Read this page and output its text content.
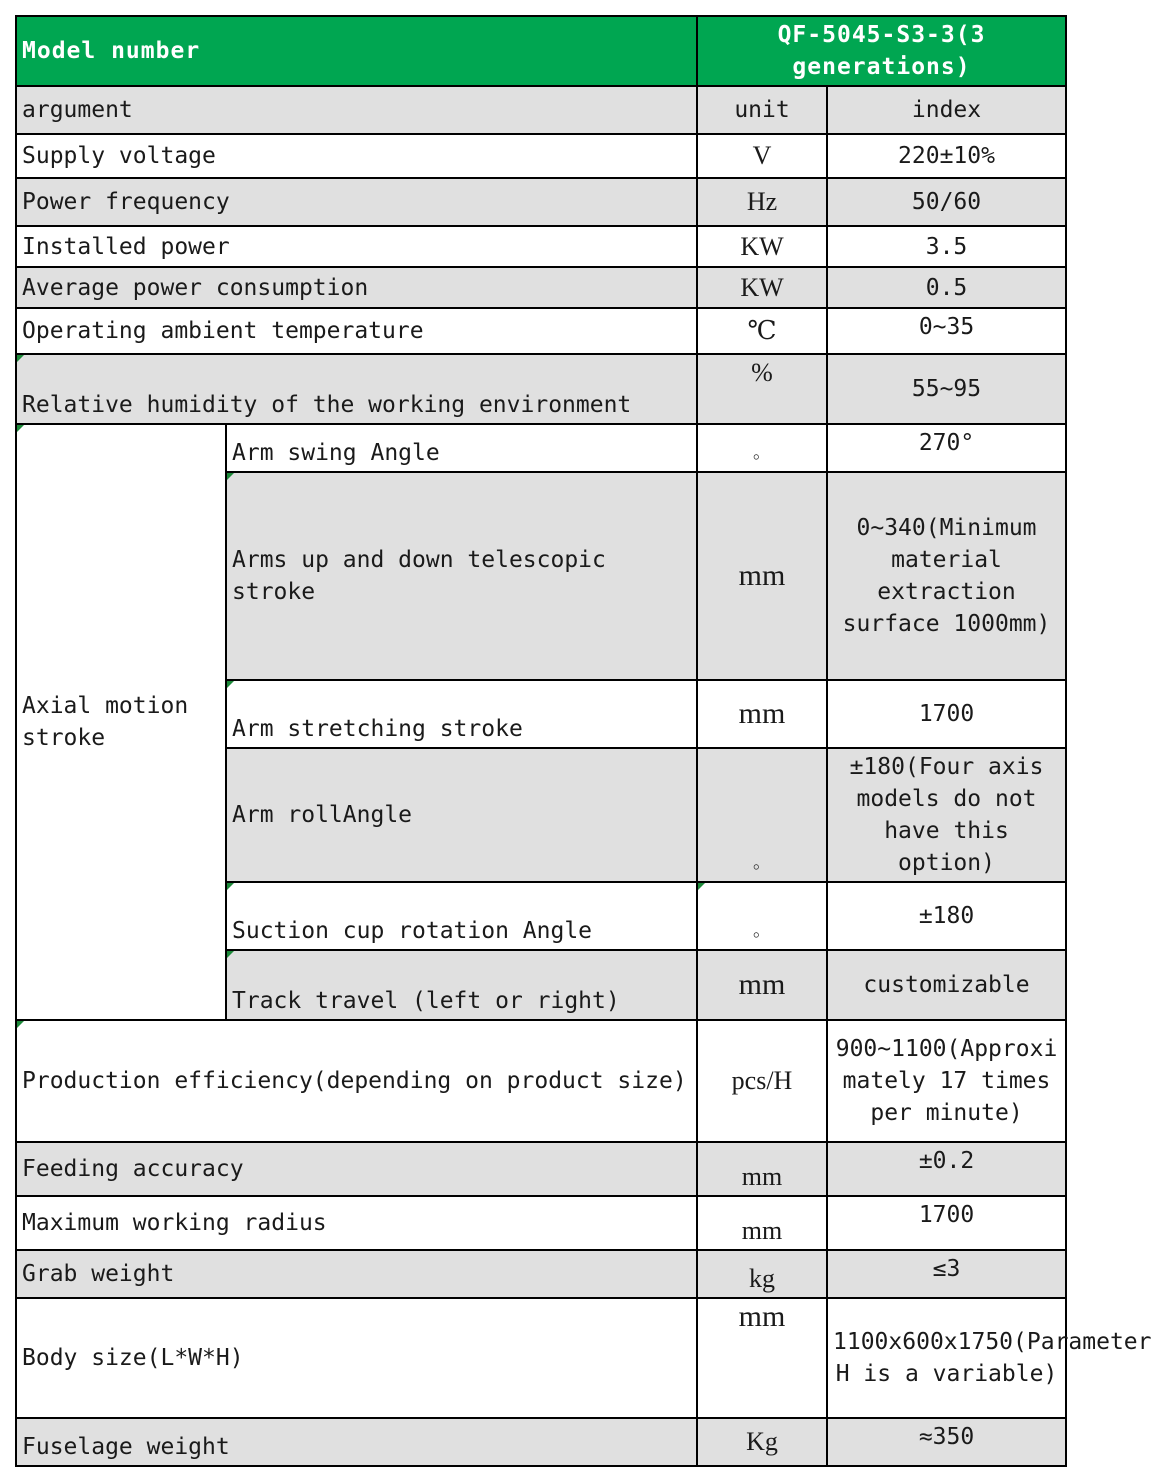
Model number		QF-5045-S3-3(3 generations)	
argument		unit	index
Supply voltage		V	220±10%
Power frequency		Hz	50/60
Installed power		KW	3.5
Average power consumption		KW	0.5
Operating ambient temperature		℃	0~35
Relative humidity of the working environment		%	55~95
Axial motion stroke	Arm swing Angle	。	270°
	Arms up and down telescopic stroke	mm	0~340(Minimum material extraction surface 1000mm)
	Arm stretching stroke	mm	1700
	Arm rollAngle	。	±180(Four axis models do not have this option)
	Suction cup rotation Angle	。	±180
	Track travel (left or right)	mm	customizable
Production efficiency(depending on product size)		pcs/H	900~1100(Approximately 17 times per minute)
Feeding accuracy		mm	±0.2
Maximum working radius		mm	1700
Grab weight		kg	≤3
Body size(L*W*H)		mm	1100x600x1750(Parameter H is a variable)
Fuselage weight		Kg	≈350
